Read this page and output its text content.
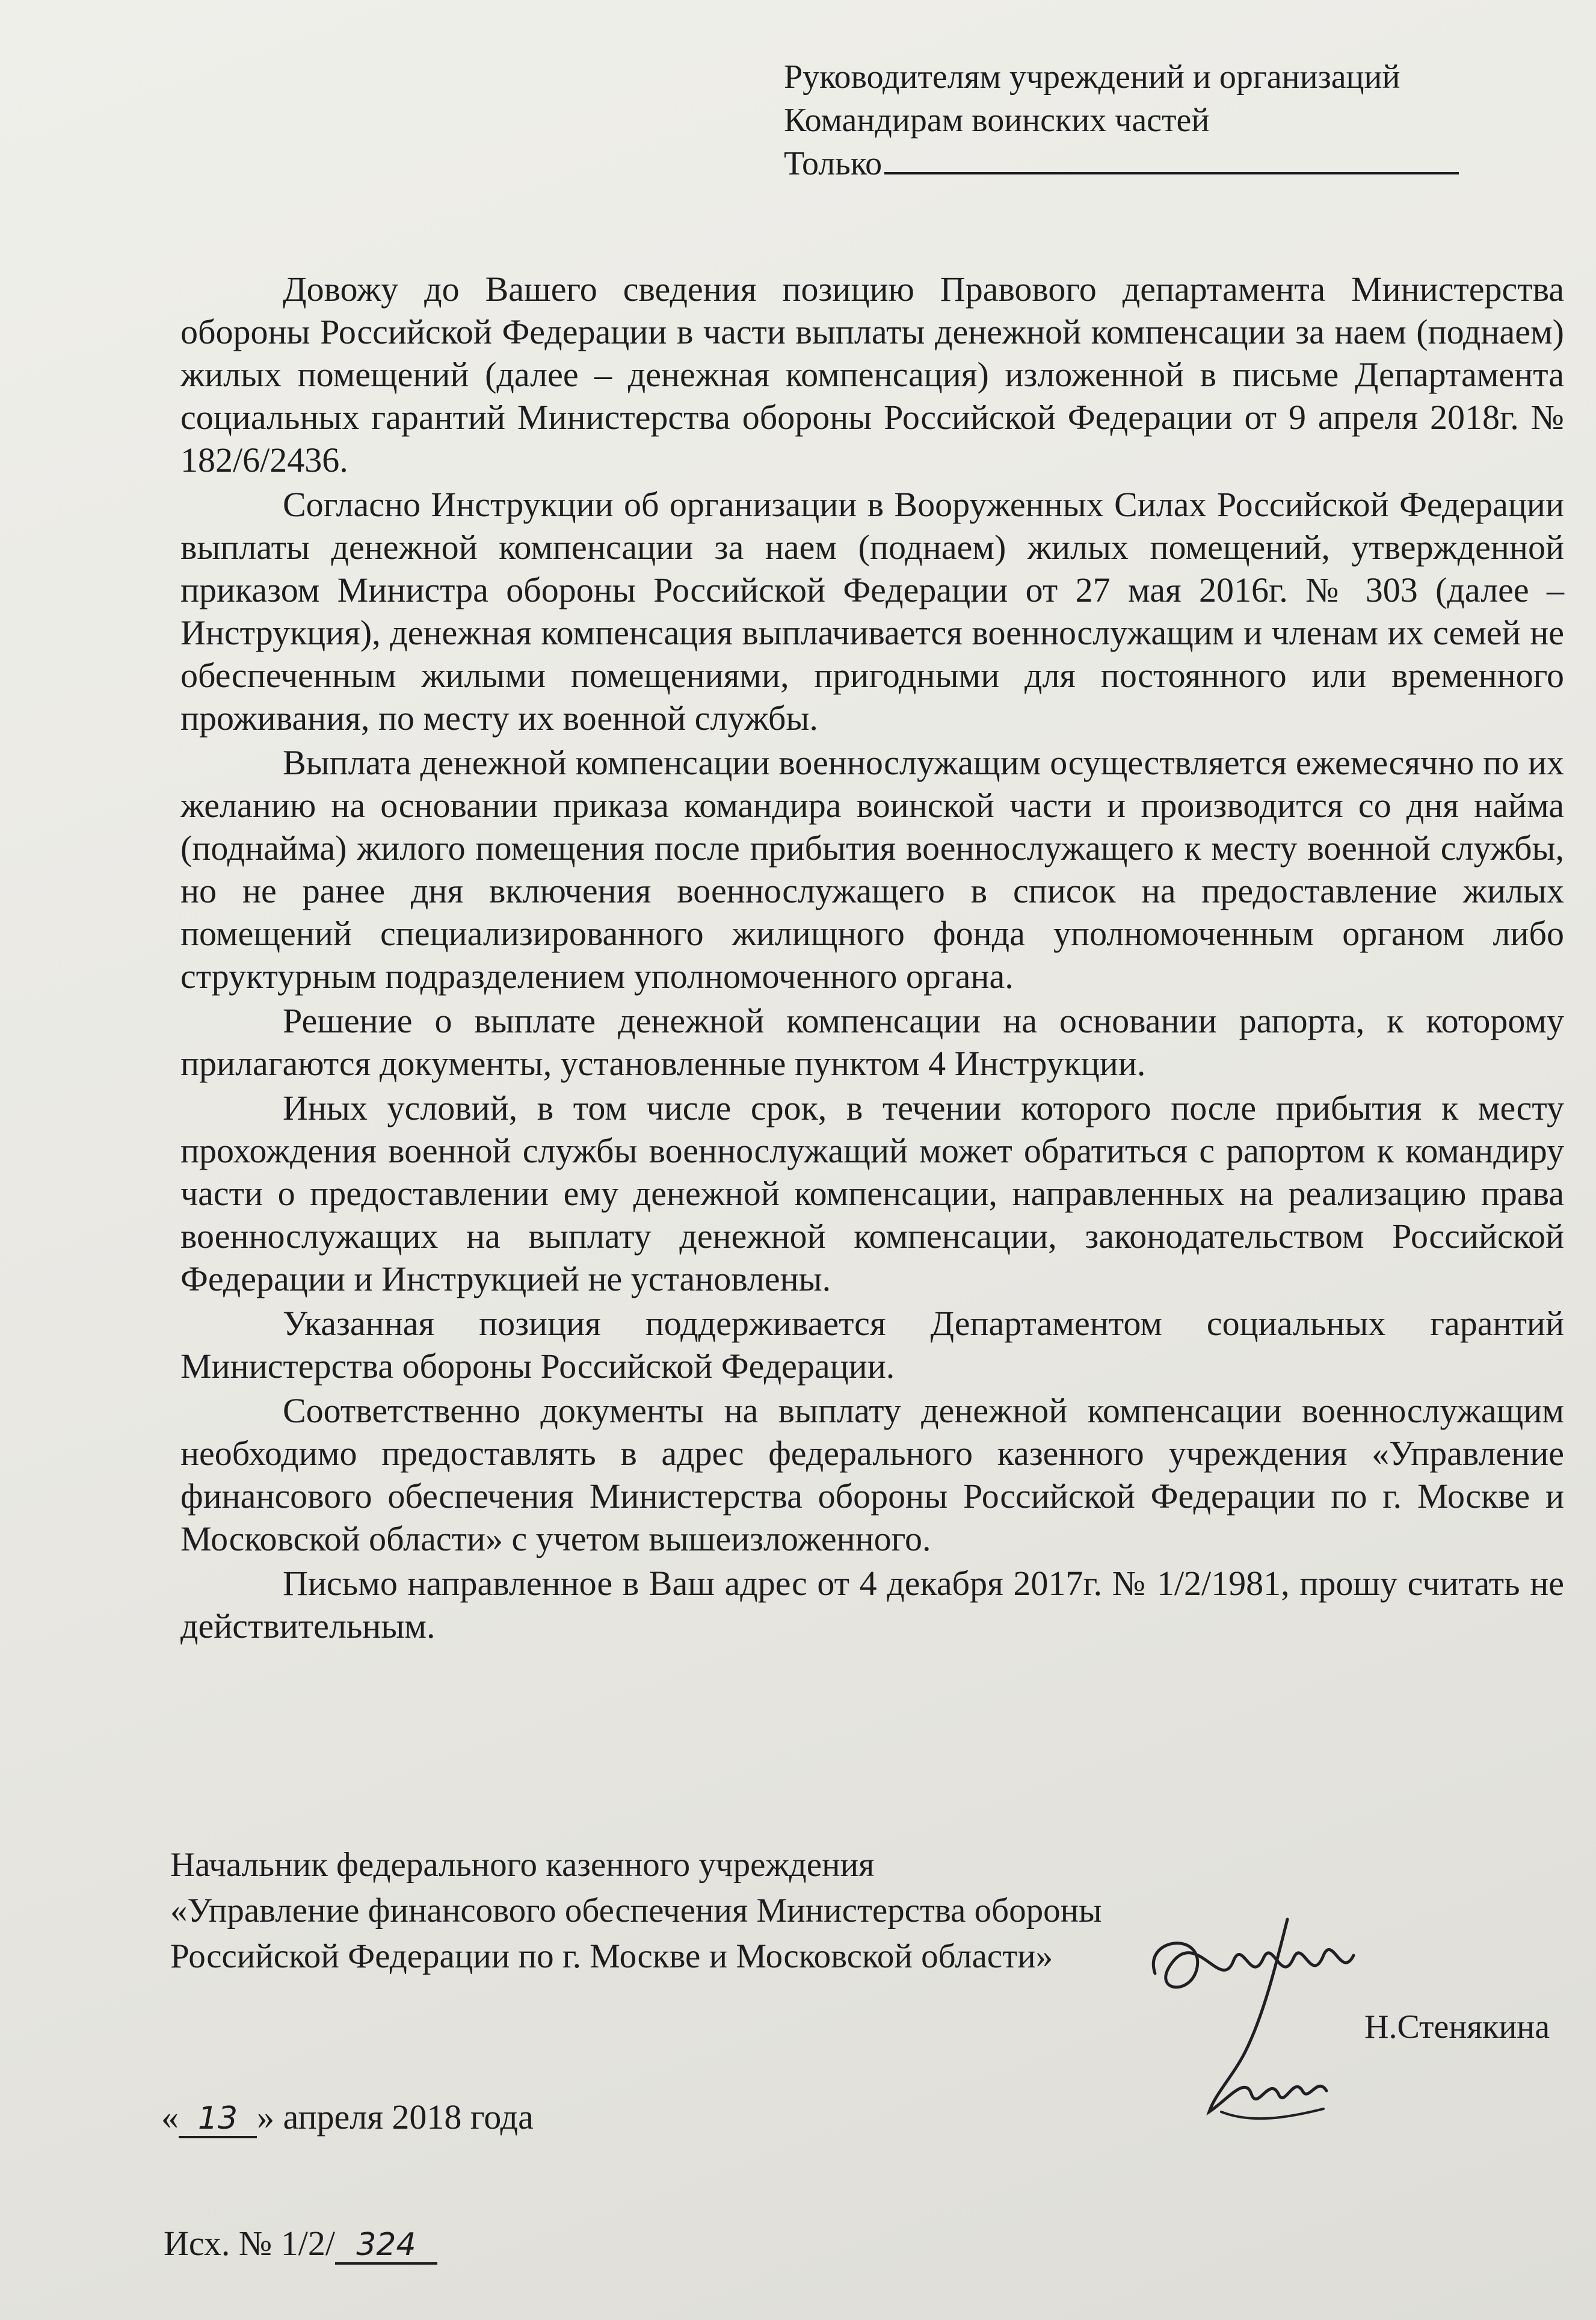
Руководителям учреждений и организаций
Командирам воинских частей
Только

Довожу до Вашего сведения позицию Правового департамента Министерства обороны Российской Федерации в части выплаты денежной компенсации за наем (поднаем) жилых помещений (далее – денежная компенсация) изложенной в письме Департамента социальных гарантий Министерства обороны Российской Федерации от 9 апреля 2018г. № 182/6/2436.

Согласно Инструкции об организации в Вооруженных Силах Российской Федерации выплаты денежной компенсации за наем (поднаем) жилых помещений, утвержденной приказом Министра обороны Российской Федерации от 27 мая 2016г. № 303 (далее – Инструкция), денежная компенсация выплачивается военнослужащим и членам их семей не обеспеченным жилыми помещениями, пригодными для постоянного или временного проживания, по месту их военной службы.

Выплата денежной компенсации военнослужащим осуществляется ежемесячно по их желанию на основании приказа командира воинской части и производится со дня найма (поднайма) жилого помещения после прибытия военнослужащего к месту военной службы, но не ранее дня включения военнослужащего в список на предоставление жилых помещений специализированного жилищного фонда уполномоченным органом либо структурным подразделением уполномоченного органа.

Решение о выплате денежной компенсации на основании рапорта, к которому прилагаются документы, установленные пунктом 4 Инструкции.

Иных условий, в том числе срок, в течении которого после прибытия к месту прохождения военной службы военнослужащий может обратиться с рапортом к командиру части о предоставлении ему денежной компенсации, направленных на реализацию права военнослужащих на выплату денежной компенсации, законодательством Российской Федерации и Инструкцией не установлены.

Указанная позиция поддерживается Департаментом социальных гарантий Министерства обороны Российской Федерации.

Соответственно документы на выплату денежной компенсации военнослужащим необходимо предоставлять в адрес федерального казенного учреждения «Управление финансового обеспечения Министерства обороны Российской Федерации по г. Москве и Московской области» с учетом вышеизложенного.

Письмо направленное в Ваш адрес от 4 декабря 2017г. № 1/2/1981, прошу считать не действительным.

Начальник федерального казенного учреждения
«Управление финансового обеспечения Министерства обороны
Российской Федерации по г. Москве и Московской области»
Н.Стенякина
« 13 » апреля 2018 года
Исх. № 1/2/ 324
